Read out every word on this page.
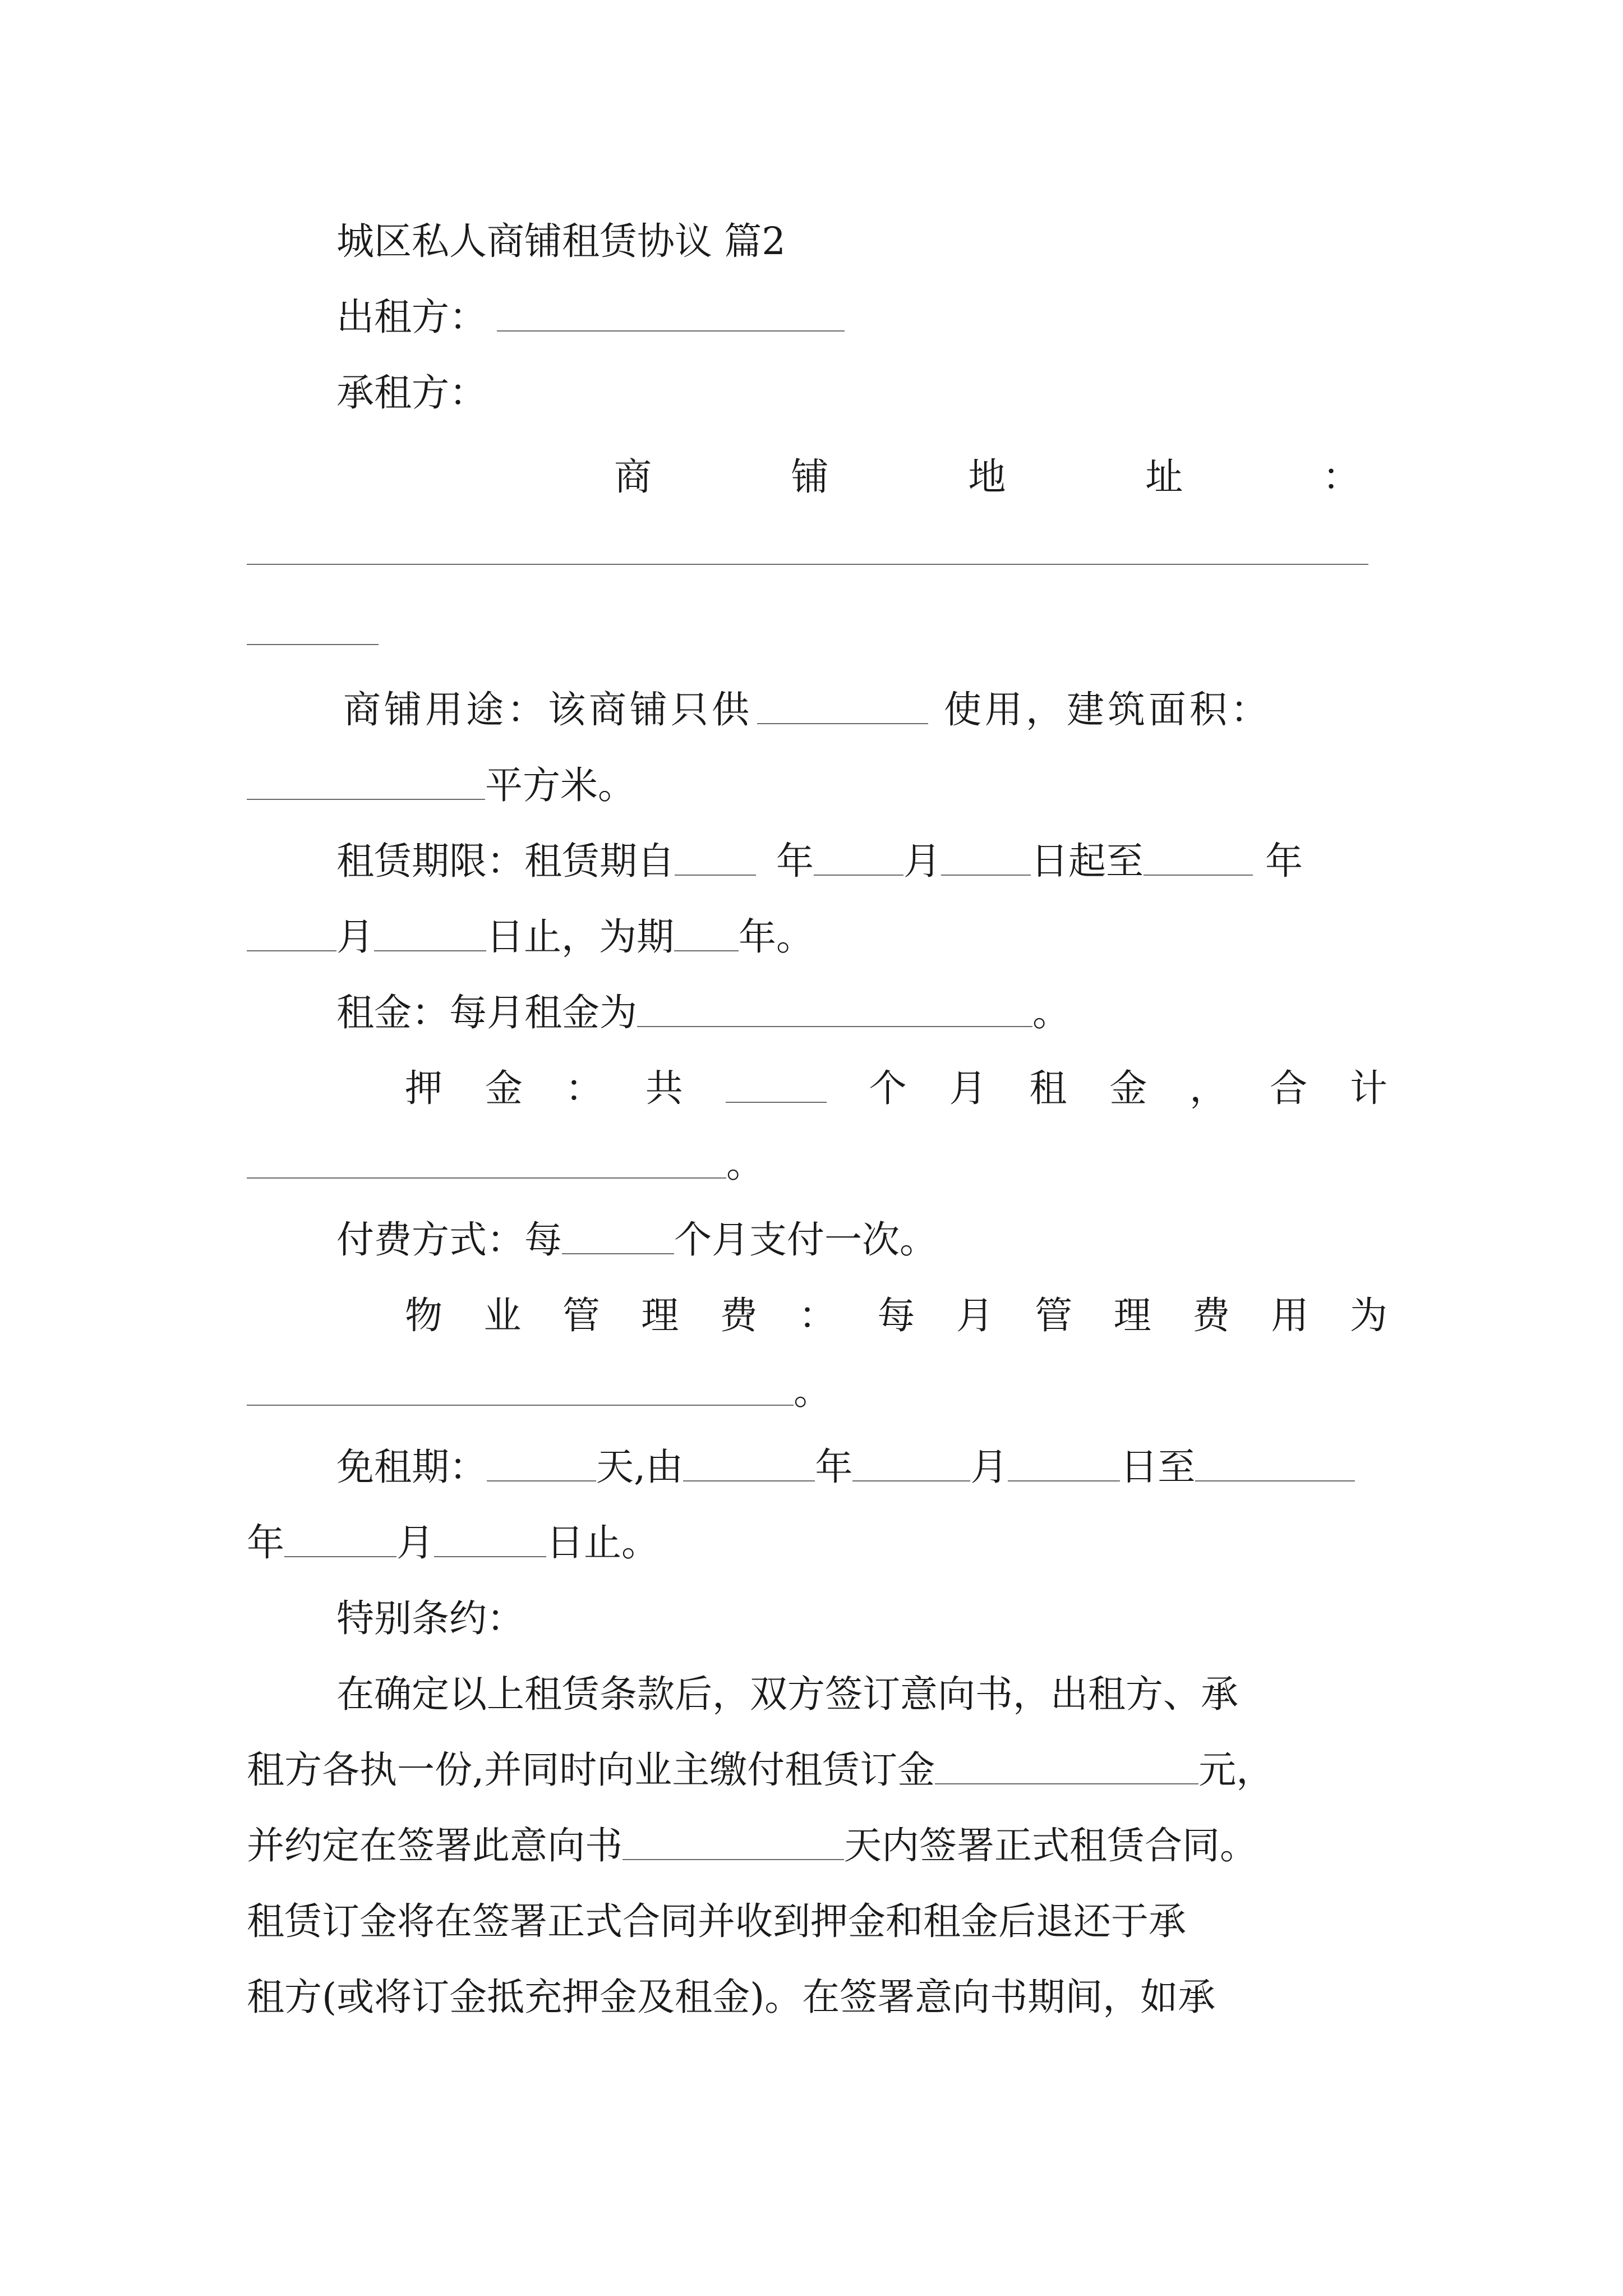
城区私人商铺租赁协议 篇2
出租方：
承租方：
商	铺	地	址	：
商铺用途：该商铺只供	使用，建筑面积：
平方米。
租赁期限：租赁期自	年 月 日起至	年
月	日止，为期 年。
租金：每月租金为	。
押 金 ： 共	个 月 租 金 ， 合 计
。
付费方式：每	个月支付一次。
物 业 管 理 费 ： 每 月 管 理 费 用 为
。
免租期：	天,由	年	月	日至
年	月	日止。
特别条约：
在确定以上租赁条款后，双方签订意向书，出租方、承
租方各执一份,并同时向业主缴付租赁订金	元，
并约定在签署此意向书	天内签署正式租赁合同。
租赁订金将在签署正式合同并收到押金和租金后退还于承
租方(或将订金抵充押金及租金)。在签署意向书期间，如承
